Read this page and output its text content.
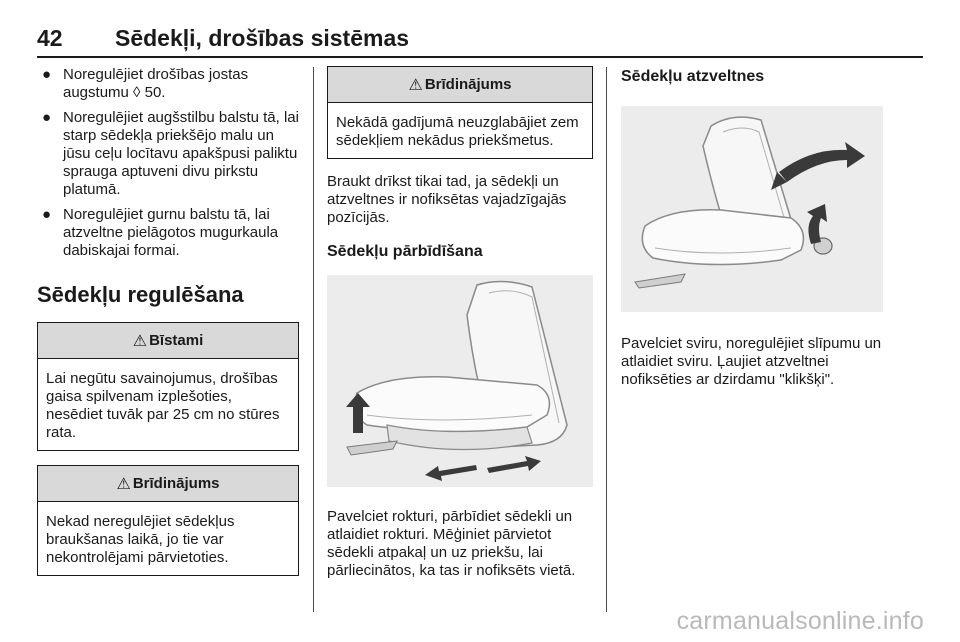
42 Sēdekļi, drošības sistēmas
● Noregulējiet drošības jostas augstumu ◊ 50.
● Noregulējiet augšstilbu balstu tā, lai starp sēdekļa priekšējo malu un jūsu ceļu locītavu apakšpusi paliktu sprauga aptuveni divu pirkstu platumā.
● Noregulējiet gurnu balstu tā, lai atzveltne pielāgotos mugurkaula dabiskajai formai.
Sēdekļu regulēšana
⚠ Bīstami
Lai negūtu savainojumus, drošības gaisa spilvenam izplešoties, nesēdiet tuvāk par 25 cm no stūres rata.
⚠ Brīdinājums
Nekad neregulējiet sēdekļus braukšanas laikā, jo tie var nekontrolējami pārvietoties.
⚠ Brīdinājums
Nekādā gadījumā neuzglabājiet zem sēdekļiem nekādus priekšmetus.

Braukt drīkst tikai tad, ja sēdekļi un atzveltnes ir nofiksētas vajadzīgajās pozīcijās.

Sēdekļu pārbīdīšana

Pavelciet rokturi, pārbīdiet sēdekli un atlaidiet rokturi. Mēģiniet pārvietot sēdekli atpakaļ un uz priekšu, lai pārliecinātos, ka tas ir nofiksēts vietā.

Sēdekļu atzveltnes

Pavelciet sviru, noregulējiet slīpumu un atlaidiet sviru. Ļaujiet atzveltnei nofiksēties ar dzirdamu "klikšķi".

carmanualsonline.info
